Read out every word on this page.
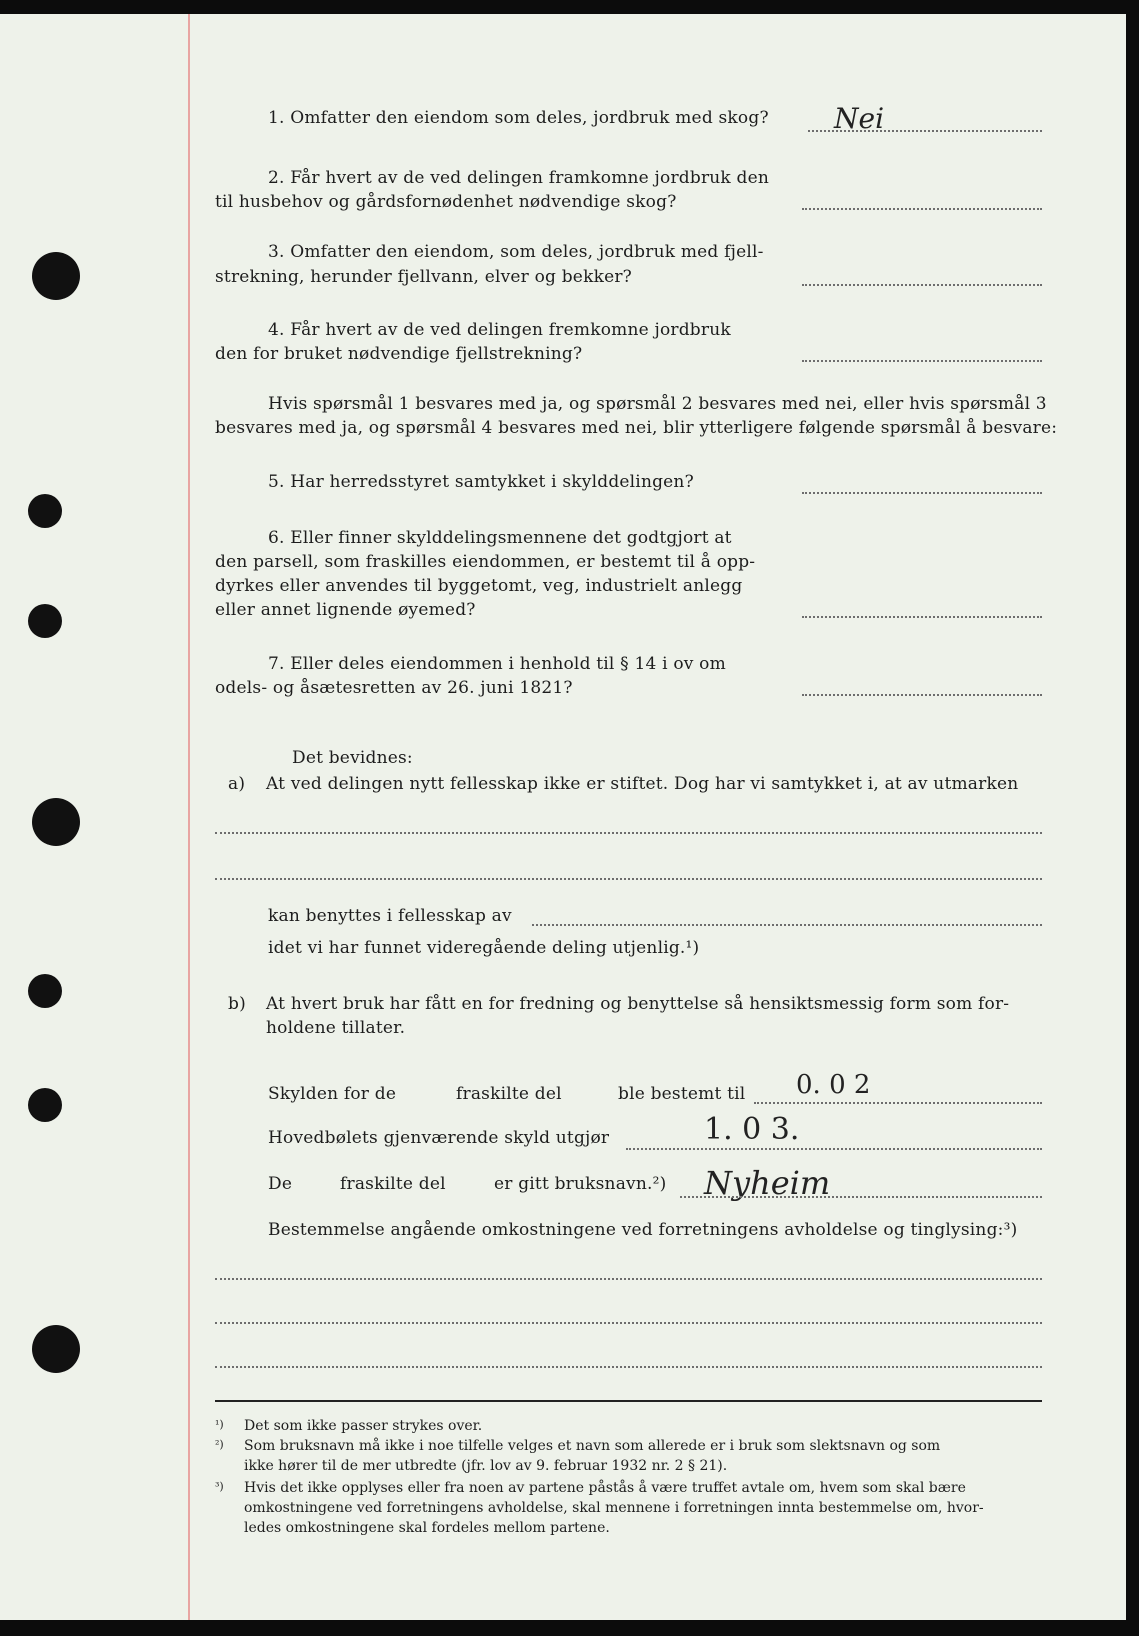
1. Omfatter den eiendom som deles, jordbruk med skog? Nei
2. Får hvert av de ved delingen framkomne jordbruk den
til husbehov og gårdsfornødenhet nødvendige skog?
3. Omfatter den eiendom, som deles, jordbruk med fjell-
strekning, herunder fjellvann, elver og bekker?
4. Får hvert av de ved delingen fremkomne jordbruk
den for bruket nødvendige fjellstrekning?
Hvis spørsmål 1 besvares med ja, og spørsmål 2 besvares med nei, eller hvis spørsmål 3
besvares med ja, og spørsmål 4 besvares med nei, blir ytterligere følgende spørsmål å besvare:
5. Har herredsstyret samtykket i skylddelingen?
6. Eller finner skylddelingsmennene det godtgjort at
den parsell, som fraskilles eiendommen, er bestemt til å opp-
dyrkes eller anvendes til byggetomt, veg, industrielt anlegg
eller annet lignende øyemed?
7. Eller deles eiendommen i henhold til § 14 i ov om
odels- og åsætesretten av 26. juni 1821?
Det bevidnes:
a) At ved delingen nytt fellesskap ikke er stiftet. Dog har vi samtykket i, at av utmarken
kan benyttes i fellesskap av
idet vi har funnet videregående deling utjenlig.¹)
b) At hvert bruk har fått en for fredning og benyttelse så hensiktsmessig form som for-
holdene tillater.
Skylden for de	fraskilte del	ble bestemt til 0. 0 2
Hovedbølets gjenværende skyld utgjør	1. 0 3.
De	fraskilte del	er gitt bruksnavn.²) Nyheim
Bestemmelse angående omkostningene ved forretningens avholdelse og tinglysing:³)
¹) Det som ikke passer strykes over.
²) Som bruksnavn må ikke i noe tilfelle velges et navn som allerede er i bruk som slektsnavn og som
ikke hører til de mer utbredte (jfr. lov av 9. februar 1932 nr. 2 § 21).
³) Hvis det ikke opplyses eller fra noen av partene påstås å være truffet avtale om, hvem som skal bære
omkostningene ved forretningens avholdelse, skal mennene i forretningen innta bestemmelse om, hvor-
ledes omkostningene skal fordeles mellom partene.
